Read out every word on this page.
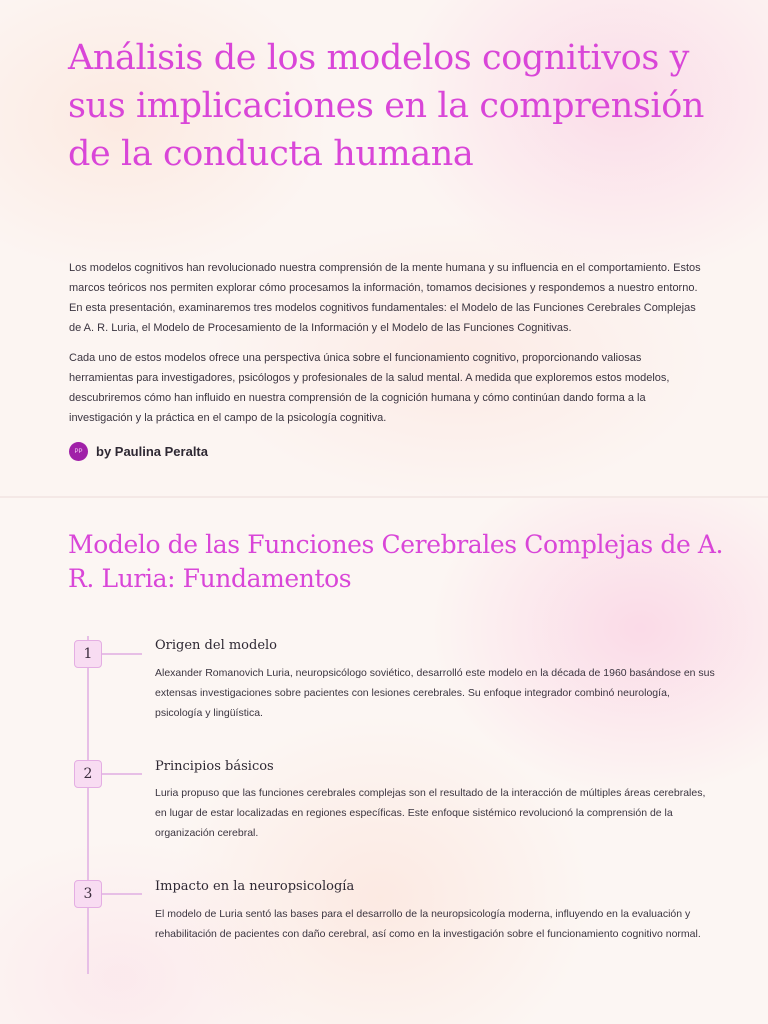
Análisis de los modelos cognitivos y sus implicaciones en la comprensión de la conducta humana

Los modelos cognitivos han revolucionado nuestra comprensión de la mente humana y su influencia en el comportamiento. Estos marcos teóricos nos permiten explorar cómo procesamos la información, tomamos decisiones y respondemos a nuestro entorno. En esta presentación, examinaremos tres modelos cognitivos fundamentales: el Modelo de las Funciones Cerebrales Complejas de A. R. Luria, el Modelo de Procesamiento de la Información y el Modelo de las Funciones Cognitivas.

Cada uno de estos modelos ofrece una perspectiva única sobre el funcionamiento cognitivo, proporcionando valiosas herramientas para investigadores, psicólogos y profesionales de la salud mental. A medida que exploremos estos modelos, descubriremos cómo han influido en nuestra comprensión de la cognición humana y cómo continúan dando forma a la investigación y la práctica en el campo de la psicología cognitiva.

PP	by Paulina Peralta
Modelo de las Funciones Cerebrales Complejas de A. R. Luria: Fundamentos
1
Origen del modelo
Alexander Romanovich Luria, neuropsicólogo soviético, desarrolló este modelo en la década de 1960 basándose en sus extensas investigaciones sobre pacientes con lesiones cerebrales. Su enfoque integrador combinó neurología, psicología y lingüística.
2	Principios básicos
Luria propuso que las funciones cerebrales complejas son el resultado de la interacción de múltiples áreas cerebrales, en lugar de estar localizadas en regiones específicas. Este enfoque sistémico revolucionó la comprensión de la organización cerebral.
3	Impacto en la neuropsicología
El modelo de Luria sentó las bases para el desarrollo de la neuropsicología moderna, influyendo en la evaluación y rehabilitación de pacientes con daño cerebral, así como en la investigación sobre el funcionamiento cognitivo normal.
